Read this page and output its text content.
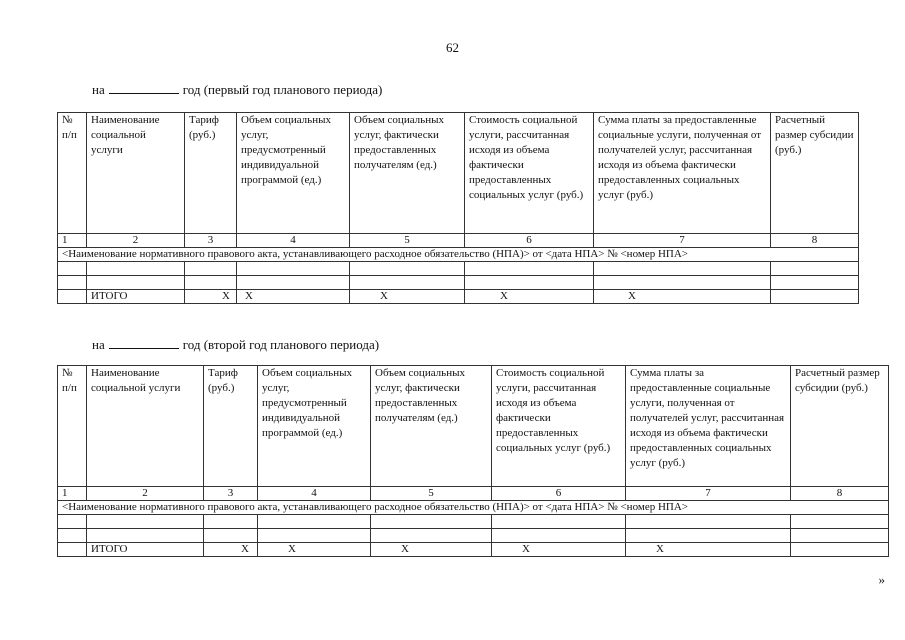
62
на	год (первый год планового периода)
№ п/п	Наименование социальной услуги	Тариф (руб.)	Объем социальных услуг, предусмотренный индивидуальной программой (ед.)	Объем социальных услуг, фактически предоставленных получателям (ед.)	Стоимость социальной услуги, рассчитанная исходя из объема фактически предоставленных социальных услуг (руб.)	Сумма платы за предоставленные социальные услуги, полученная от получателей услуг, рассчитанная исходя из объема фактически предоставленных социальных услуг (руб.)	Расчетный размер субсидии (руб.)
1	2	3	4	5	6	7	8
<Наименование нормативного правового акта, устанавливающего расходное обязательство (НПА)> от <дата НПА> № <номер НПА>							

	ИТОГО	Х	Х	Х	Х	Х	
на	год (второй год планового периода)
№ п/п	Наименование социальной услуги	Тариф (руб.)	Объем социальных услуг, предусмотренный индивидуальной программой (ед.)	Объем социальных услуг, фактически предоставленных получателям (ед.)	Стоимость социальной услуги, рассчитанная исходя из объема фактически предоставленных социальных услуг (руб.)	Сумма платы за предоставленные социальные услуги, полученная от получателей услуг, рассчитанная исходя из объема фактически предоставленных социальных услуг (руб.)	Расчетный размер субсидии (руб.)
1	2	3	4	5	6	7	8
<Наименование нормативного правового акта, устанавливающего расходное обязательство (НПА)> от <дата НПА> № <номер НПА>							

	ИТОГО	Х	Х	Х	Х	Х	
»
